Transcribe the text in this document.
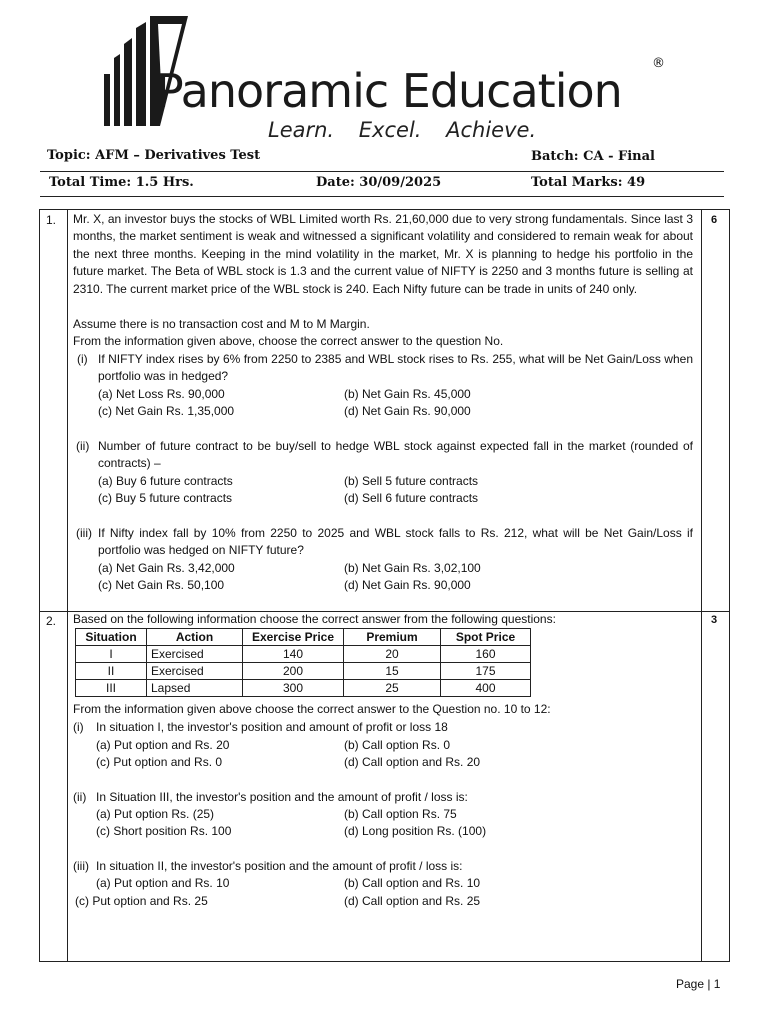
Panoramic Education
®
Learn. Excel. Achieve.
Topic: AFM – Derivatives Test	Batch: CA - Final
Total Time: 1.5 Hrs.	Date: 30/09/2025	Total Marks: 49
1.	6
Mr. X, an investor buys the stocks of WBL Limited worth Rs. 21,60,000 due to very strong fundamentals. Since last 3 months, the market sentiment is weak and witnessed a significant volatility and considered to remain weak for about the next three months. Keeping in the mind volatility in the market, Mr. X is planning to hedge his portfolio in the future market. The Beta of WBL stock is 1.3 and the current value of NIFTY is 2250 and 3 months future is selling at 2310. The current market price of the WBL stock is 240. Each Nifty future can be trade in units of 240 only.
Assume there is no transaction cost and M to M Margin.
From the information given above, choose the correct answer to the question No.
(i) If NIFTY index rises by 6% from 2250 to 2385 and WBL stock rises to Rs. 255, what will be Net Gain/Loss when portfolio was in hedged?
(a) Net Loss Rs. 90,000	(b) Net Gain Rs. 45,000
(c) Net Gain Rs. 1,35,000	(d) Net Gain Rs. 90,000
(ii) Number of future contract to be buy/sell to hedge WBL stock against expected fall in the market (rounded of contracts) –
(a) Buy 6 future contracts	(b) Sell 5 future contracts
(c) Buy 5 future contracts	(d) Sell 6 future contracts
(iii) If Nifty index fall by 10% from 2250 to 2025 and WBL stock falls to Rs. 212, what will be Net Gain/Loss if portfolio was hedged on NIFTY future?
(a) Net Gain Rs. 3,42,000	(b) Net Gain Rs. 3,02,100
(c) Net Gain Rs. 50,100	(d) Net Gain Rs. 90,000
2.	3
Based on the following information choose the correct answer from the following questions:
Situation	Action	Exercise Price	Premium	Spot Price
I	Exercised	140	20	160
II	Exercised	200	15	175
III	Lapsed	300	25	400
From the information given above choose the correct answer to the Question no. 10 to 12:
(i) In situation I, the investor's position and amount of profit or loss 18
(a) Put option and Rs. 20	(b) Call option Rs. 0
(c) Put option and Rs. 0	(d) Call option and Rs. 20
(ii) In Situation III, the investor's position and the amount of profit / loss is:
(a) Put option Rs. (25)	(b) Call option Rs. 75
(c) Short position Rs. 100	(d) Long position Rs. (100)
(iii) In situation II, the investor's position and the amount of profit / loss is:
(a) Put option and Rs. 10	(b) Call option and Rs. 10
(c) Put option and Rs. 25	(d) Call option and Rs. 25
Page | 1
